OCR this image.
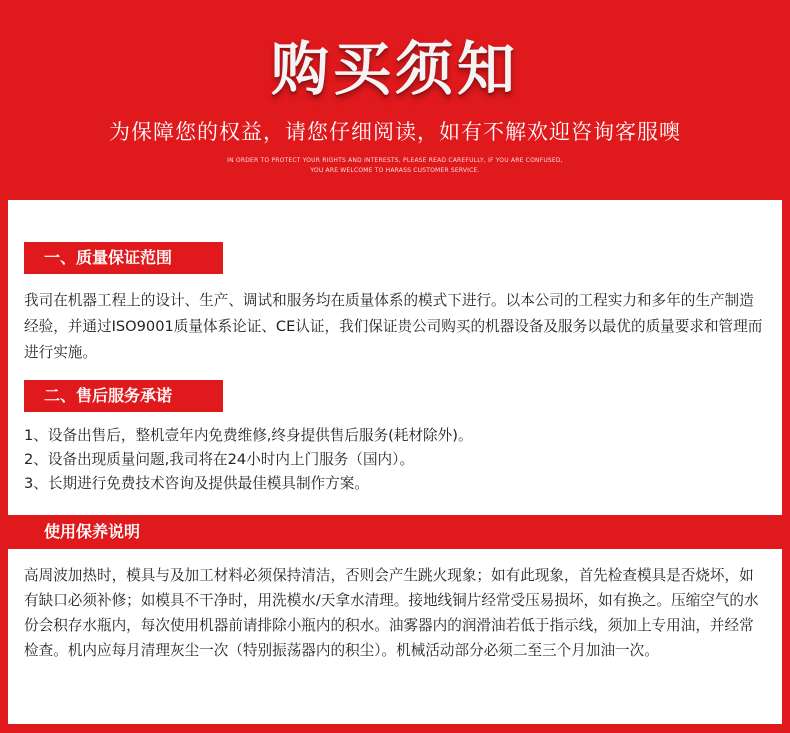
购买须知
为保障您的权益，请您仔细阅读，如有不解欢迎咨询客服噢
IN ORDER TO PROTECT YOUR RIGHTS AND INTERESTS, PLEASE READ CAREFULLY, IF YOU ARE CONFUSED,
YOU ARE WELCOME TO HARASS CUSTOMER SERVICE.
一、质量保证范围
我司在机器工程上的设计、生产、调试和服务均在质量体系的模式下进行。以本公司的工程实力和多年的生产制造经验，并通过ISO9001质量体系论证、CE认证，我们保证贵公司购买的机器设备及服务以最优的质量要求和管理而进行实施。
二、售后服务承诺
1、设备出售后，整机壹年内免费维修,终身提供售后服务(耗材除外)。
2、设备出现质量问题,我司将在24小时内上门服务（国内）。
3、长期进行免费技术咨询及提供最佳模具制作方案。
使用保养说明
高周波加热时，模具与及加工材料必须保持清洁，否则会产生跳火现象；如有此现象，首先检查模具是否烧坏，如有缺口必须补修；如模具不干净时，用洗模水/天拿水清理。接地线铜片经常受压易损坏，如有换之。压缩空气的水份会积存水瓶内，每次使用机器前请排除小瓶内的积水。油雾器内的润滑油若低于指示线，须加上专用油，并经常检查。机内应每月清理灰尘一次（特别振荡器内的积尘）。机械活动部分必须二至三个月加油一次。
